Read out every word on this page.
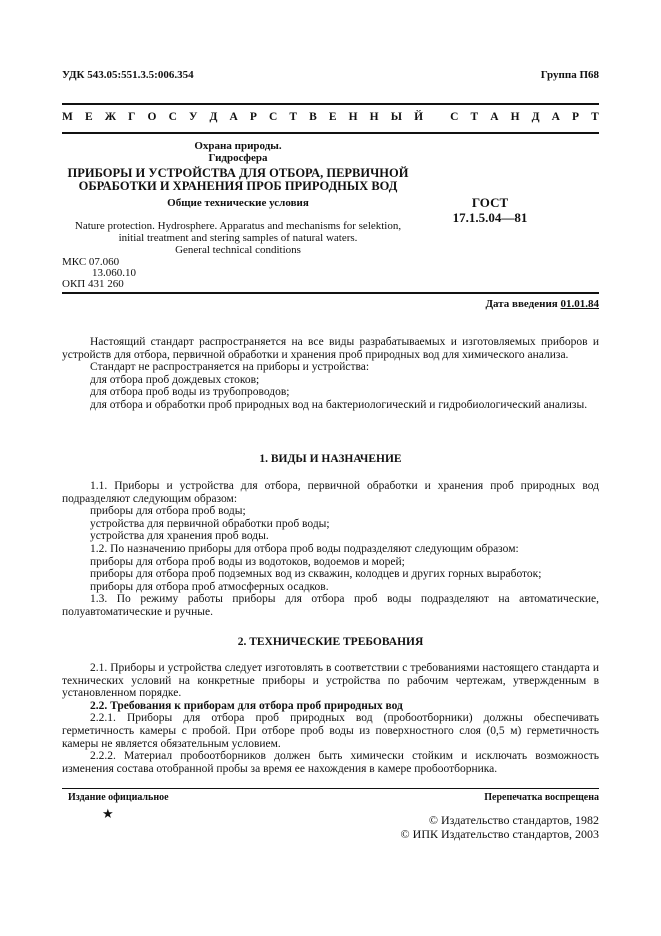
УДК 543.05:551.3.5:006.354	Группа П68
М Е Ж Г О С У Д А Р С Т В Е Н Н Ы Й
С Т А Н Д А Р Т
Охрана природы.
Гидросфера
ПРИБОРЫ И УСТРОЙСТВА ДЛЯ ОТБОРА, ПЕРВИЧНОЙ
ОБРАБОТКИ И ХРАНЕНИЯ ПРОБ ПРИРОДНЫХ ВОД
Общие технические условия
Nature protection. Hydrosphere. Apparatus and mechanisms for selektion,
initial treatment and stering samples of natural waters.
General technical conditions
ГОСТ
17.1.5.04—81
МКС 07.060
13.060.10
ОКП 431 260
Дата введения 01.01.84

Настоящий стандарт распространяется на все виды разрабатываемых и изготовляемых приборов и устройств для отбора, первичной обработки и хранения проб природных вод для химического анализа.

Стандарт не распространяется на приборы и устройства:

для отбора проб дождевых стоков;

для отбора проб воды из трубопроводов;

для отбора и обработки проб природных вод на бактериологический и гидробиологический анализы.

1. ВИДЫ И НАЗНАЧЕНИЕ

1.1. Приборы и устройства для отбора, первичной обработки и хранения проб природных вод подразделяют следующим образом:

приборы для отбора проб воды;

устройства для первичной обработки проб воды;

устройства для хранения проб воды.

1.2. По назначению приборы для отбора проб воды подразделяют следующим образом:

приборы для отбора проб воды из водотоков, водоемов и морей;

приборы для отбора проб подземных вод из скважин, колодцев и других горных выработок;

приборы для отбора проб атмосферных осадков.

1.3. По режиму работы приборы для отбора проб воды подразделяют на автоматические, полуавтоматические и ручные.

2. ТЕХНИЧЕСКИЕ ТРЕБОВАНИЯ

2.1. Приборы и устройства следует изготовлять в соответствии с требованиями настоящего стандарта и технических условий на конкретные приборы и устройства по рабочим чертежам, утвержденным в установленном порядке.

2.2. Требования к приборам для отбора проб природных вод

2.2.1. Приборы для отбора проб природных вод (пробоотборники) должны обеспечивать герметичность камеры с пробой. При отборе проб воды из поверхностного слоя (0,5 м) герметичность камеры не является обязательным условием.

2.2.2. Материал пробоотборников должен быть химически стойким и исключать возможность изменения состава отобранной пробы за время ее нахождения в камере пробоотборника.

Издание официальное	Перепечатка воспрещена
★	© Издательство стандартов, 1982
© ИПК Издательство стандартов, 2003
